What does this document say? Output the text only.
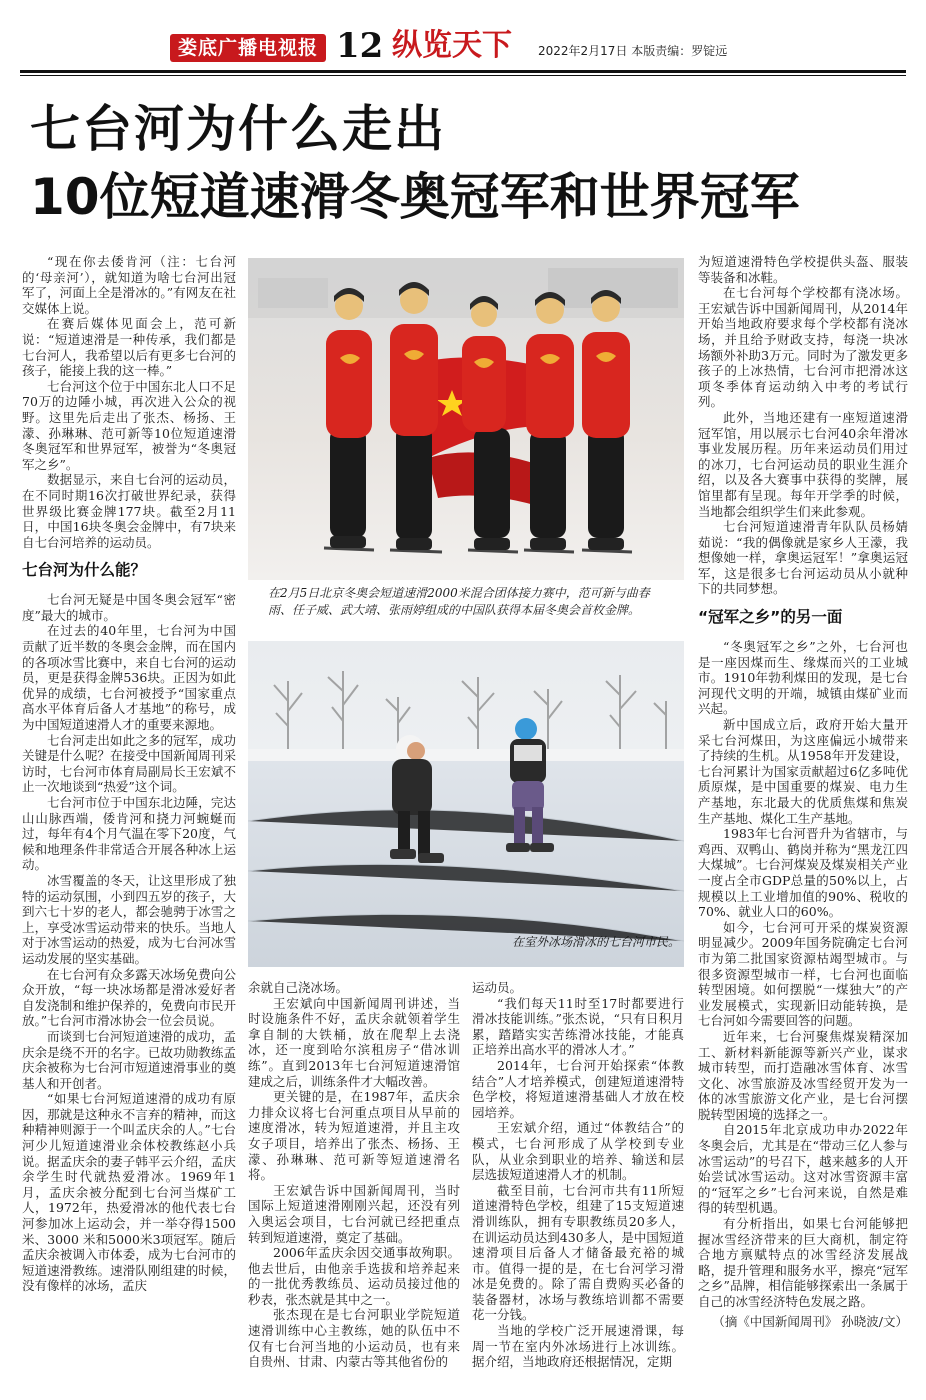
娄底广播电视报 12 纵览天下 2022年2月17日 本版责编：罗锭远
七台河为什么走出
10位短道速滑冬奥冠军和世界冠军

“现在你去倭肯河（注：七台河的‘母亲河’），就知道为啥七台河出冠军了，河面上全是滑冰的。”有网友在社交媒体上说。

在赛后媒体见面会上，范可新说：“短道速滑是一种传承，我们都是七台河人，我希望以后有更多七台河的孩子，能接上我的这一棒。”

七台河这个位于中国东北人口不足70万的边陲小城，再次进入公众的视野。这里先后走出了张杰、杨扬、王濛、孙琳琳、范可新等10位短道速滑冬奥冠军和世界冠军，被誉为“冬奥冠军之乡”。

数据显示，来自七台河的运动员，在不同时期16次打破世界纪录，获得世界级比赛金牌177块。截至2月11日，中国16块冬奥会金牌中，有7块来自七台河培养的运动员。

七台河为什么能？

七台河无疑是中国冬奥会冠军“密度”最大的城市。

在过去的40年里，七台河为中国贡献了近半数的冬奥会金牌，而在国内的各项冰雪比赛中，来自七台河的运动员，更是获得金牌536块。正因为如此优异的成绩，七台河被授予“国家重点高水平体育后备人才基地”的称号，成为中国短道速滑人才的重要来源地。

七台河走出如此之多的冠军，成功关键是什么呢？在接受中国新闻周刊采访时，七台河市体育局副局长王宏斌不止一次地谈到“热爱”这个词。

七台河市位于中国东北边陲，完达山山脉西端，倭肯河和挠力河蜿蜒而过，每年有4个月气温在零下20度，气候和地理条件非常适合开展各种冰上运动。

冰雪覆盖的冬天，让这里形成了独特的运动氛围，小到四五岁的孩子，大到六七十岁的老人，都会驰骋于冰雪之上，享受冰雪运动带来的快乐。当地人对于冰雪运动的热爱，成为七台河冰雪运动发展的坚实基础。

在七台河有众多露天冰场免费向公众开放，“每一块冰场都是滑冰爱好者自发浇制和维护保养的，免费向市民开放。”七台河市滑冰协会一位会员说。

而谈到七台河短道速滑的成功，孟庆余是绕不开的名字。已故功勋教练孟庆余被称为七台河市短道速滑事业的奠基人和开创者。

“如果七台河短道速滑的成功有原因，那就是这种永不言弃的精神，而这种精神则源于一个叫孟庆余的人。”七台河少儿短道速滑业余体校教练赵小兵说。据孟庆余的妻子韩平云介绍，孟庆余学生时代就热爱滑冰。1969年1月，孟庆余被分配到七台河当煤矿工人，1972年，热爱滑冰的他代表七台河参加冰上运动会，并一举夺得1500米、3000 米和5000米3项冠军。随后孟庆余被调入市体委，成为七台河市的短道速滑教练。速滑队刚组建的时候，没有像样的冰场，孟庆

在2月5日北京冬奥会短道速滑2000米混合团体接力赛中，范可新与曲春雨、任子威、武大靖、张雨婷组成的中国队获得本届冬奥会首枚金牌。
在室外冰场滑冰的七台河市民。

余就自己浇冰场。

王宏斌向中国新闻周刊讲述，当时设施条件不好，孟庆余就领着学生拿自制的大铁桶，放在爬犁上去浇冰，还一度到哈尔滨租房子“借冰训练”。直到2013年七台河短道速滑馆建成之后，训练条件才大幅改善。

更关键的是，在1987年，孟庆余力排众议将七台河重点项目从早前的速度滑冰，转为短道速滑，并且主攻女子项目，培养出了张杰、杨扬、王濛、孙琳琳、范可新等短道速滑名将。

王宏斌告诉中国新闻周刊，当时国际上短道速滑刚刚兴起，还没有列入奥运会项目，七台河就已经把重点转到短道速滑，奠定了基础。

2006年孟庆余因交通事故殉职。他去世后，由他亲手选拔和培养起来的一批优秀教练员、运动员接过他的秒表，张杰就是其中之一。

张杰现在是七台河职业学院短道速滑训练中心主教练，她的队伍中不仅有七台河当地的小运动员，也有来自贵州、甘肃、内蒙古等其他省份的

运动员。

“我们每天11时至17时都要进行滑冰技能训练。”张杰说，“只有日积月累，踏踏实实苦练滑冰技能，才能真正培养出高水平的滑冰人才。”

2014年，七台河开始探索“体教结合”人才培养模式，创建短道速滑特色学校，将短道速滑基础人才放在校园培养。

王宏斌介绍，通过“体教结合”的模式，七台河形成了从学校到专业队，从业余到职业的培养、输送和层层选拔短道速滑人才的机制。

截至目前，七台河市共有11所短道速滑特色学校，组建了15支短道速滑训练队，拥有专职教练员20多人，在训运动员达到430多人，是中国短道速滑项目后备人才储备最充裕的城市。值得一提的是，在七台河学习滑冰是免费的。除了需自费购买必备的装备器材，冰场与教练培训都不需要花一分钱。

当地的学校广泛开展速滑课，每周一节在室内外冰场进行上冰训练。据介绍，当地政府还根据情况，定期

为短道速滑特色学校提供头盔、服装等装备和冰鞋。

在七台河每个学校都有浇冰场。王宏斌告诉中国新闻周刊，从2014年开始当地政府要求每个学校都有浇冰场，并且给予财政支持，每浇一块冰场额外补助3万元。同时为了激发更多孩子的上冰热情，七台河市把滑冰这项冬季体育运动纳入中考的考试行列。

此外，当地还建有一座短道速滑冠军馆，用以展示七台河40余年滑冰事业发展历程。历年来运动员们用过的冰刀，七台河运动员的职业生涯介绍，以及各大赛事中获得的奖牌，展馆里都有呈现。每年开学季的时候，当地都会组织学生们来此参观。

七台河短道速滑青年队队员杨婧茹说：“我的偶像就是家乡人王濛，我想像她一样，拿奥运冠军！”拿奥运冠军，这是很多七台河运动员从小就种下的共同梦想。

“冠军之乡”的另一面

“冬奥冠军之乡”之外，七台河也是一座因煤而生、缘煤而兴的工业城市。1910年勃利煤田的发现，是七台河现代文明的开端，城镇由煤矿业而兴起。

新中国成立后，政府开始大量开采七台河煤田，为这座偏远小城带来了持续的生机。从1958年开发建设，七台河累计为国家贡献超过6亿多吨优质原煤，是中国重要的煤炭、电力生产基地，东北最大的优质焦煤和焦炭生产基地、煤化工生产基地。

1983年七台河晋升为省辖市，与鸡西、双鸭山、鹤岗并称为“黑龙江四大煤城”。七台河煤炭及煤炭相关产业一度占全市GDP总量的50%以上，占规模以上工业增加值的90%、税收的70%、就业人口的60%。

如今，七台河可开采的煤炭资源明显减少。2009年国务院确定七台河市为第二批国家资源枯竭型城市。与很多资源型城市一样，七台河也面临转型困境。如何摆脱“一煤独大”的产业发展模式，实现新旧动能转换，是七台河如今需要回答的问题。

近年来，七台河聚焦煤炭精深加工、新材料新能源等新兴产业，谋求城市转型，而打造融冰雪体育、冰雪文化、冰雪旅游及冰雪经贸开发为一体的冰雪旅游文化产业，是七台河摆脱转型困境的选择之一。

自2015年北京成功申办2022年冬奥会后，尤其是在“带动三亿人参与冰雪运动”的号召下，越来越多的人开始尝试冰雪运动。这对冰雪资源丰富的“冠军之乡”七台河来说，自然是难得的转型机遇。

有分析指出，如果七台河能够把握冰雪经济带来的巨大商机，制定符合地方禀赋特点的冰雪经济发展战略，提升管理和服务水平，擦亮“冠军之乡”品牌，相信能够探索出一条属于自己的冰雪经济特色发展之路。

（摘《中国新闻周刊》 孙晓波/文）
